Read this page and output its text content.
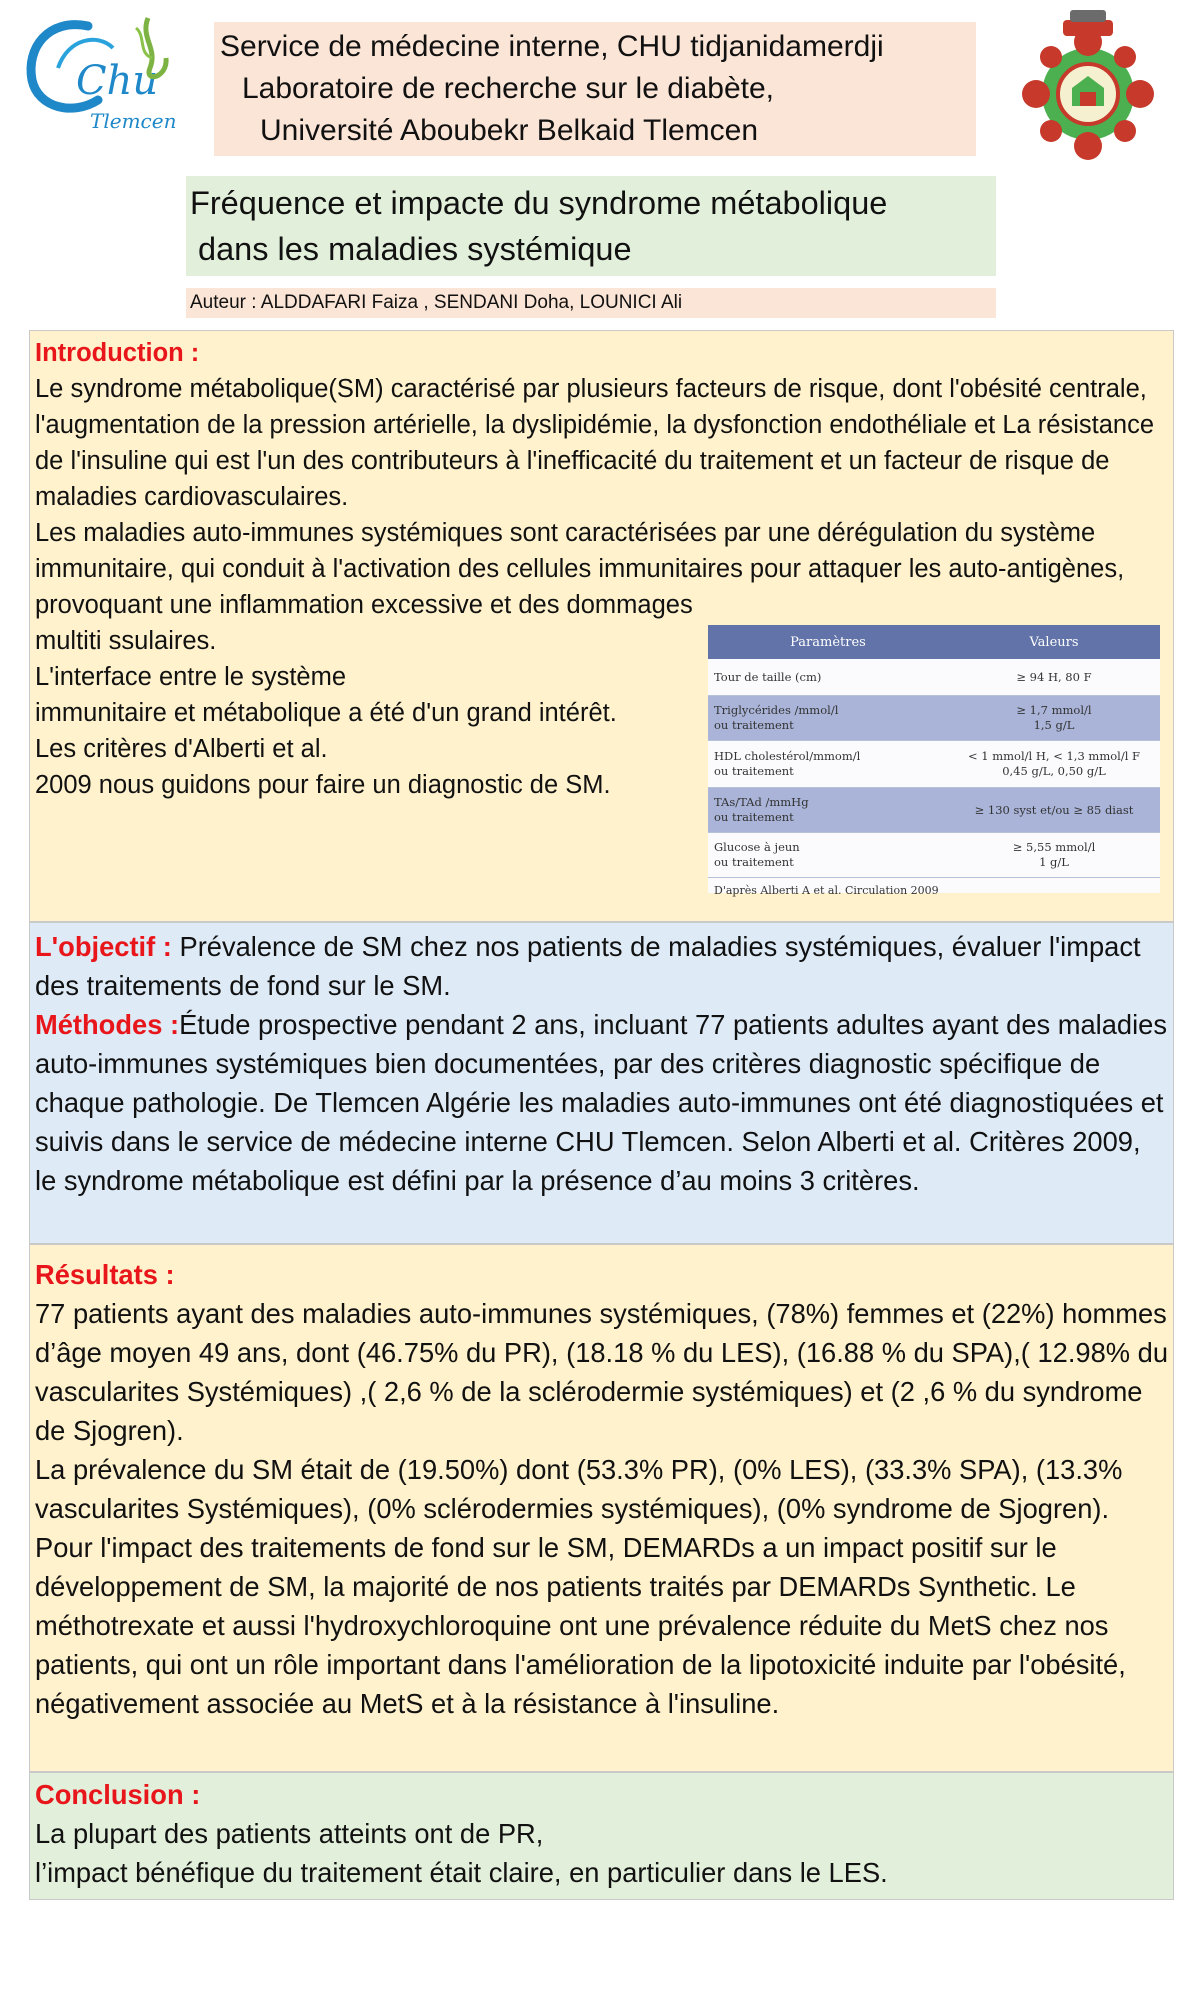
Chu
Tlemcen
Service de médecine interne, CHU tidjanidamerdji
Laboratoire de recherche sur le diabète,
Université Aboubekr Belkaid Tlemcen
Fréquence et impacte du syndrome métabolique
dans les maladies systémique
Auteur : ALDDAFARI Faiza , SENDANI Doha, LOUNICI Ali
Introduction :
Le syndrome métabolique(SM) caractérisé par plusieurs facteurs de risque, dont l'obésité centrale, l'augmentation de la pression artérielle, la dyslipidémie, la dysfonction endothéliale et La résistance de l'insuline qui est l'un des contributeurs à l'inefficacité du traitement et un facteur de risque de maladies cardiovasculaires.
Les maladies auto-immunes systémiques sont caractérisées par une dérégulation du système immunitaire, qui conduit à l'activation des cellules immunitaires pour attaquer les auto-antigènes, provoquant une inflammation excessive et des dommages
multiti ssulaires.
L'interface entre le système
immunitaire et métabolique a été d'un grand intérêt.
Les critères d'Alberti et al.
2009 nous guidons pour faire un diagnostic de SM.
Paramètres	Valeurs
Tour de taille (cm)	≥ 94 H, 80 F
Triglycérides /mmol/l
ou traitement
≥ 1,7 mmol/l
1,5 g/L
HDL cholestérol/mmom/l
ou traitement
< 1 mmol/l H, < 1,3 mmol/l F
0,45 g/L, 0,50 g/L
TAs/TAd /mmHg
ou traitement
≥ 130 syst et/ou ≥ 85 diast
Glucose à jeun
ou traitement
≥ 5,55 mmol/l
1 g/L
D'après Alberti A et al. Circulation 2009
L'objectif : Prévalence de SM chez nos patients de maladies systémiques, évaluer l'impact des traitements de fond sur le SM.
Méthodes :Étude prospective pendant 2 ans, incluant 77 patients adultes ayant des maladies auto-immunes systémiques bien documentées, par des critères diagnostic spécifique de chaque pathologie. De Tlemcen Algérie les maladies auto-immunes ont été diagnostiquées et suivis dans le service de médecine interne CHU Tlemcen. Selon Alberti et al. Critères 2009, le syndrome métabolique est défini par la présence d’au moins 3 critères.
Résultats :
77 patients ayant des maladies auto-immunes systémiques, (78%) femmes et (22%) hommes d’âge moyen 49 ans, dont (46.75% du PR), (18.18 % du LES), (16.88 % du SPA),( 12.98% du vascularites Systémiques) ,( 2,6 % de la sclérodermie systémiques) et (2 ,6 % du syndrome de Sjogren).
La prévalence du SM était de (19.50%) dont (53.3% PR), (0% LES), (33.3% SPA), (13.3% vascularites Systémiques), (0% sclérodermies systémiques), (0% syndrome de Sjogren).
Pour l'impact des traitements de fond sur le SM, DEMARDs a un impact positif sur le développement de SM, la majorité de nos patients traités par DEMARDs Synthetic. Le méthotrexate et aussi l'hydroxychloroquine ont une prévalence réduite du MetS chez nos patients, qui ont un rôle important dans l'amélioration de la lipotoxicité induite par l'obésité, négativement associée au MetS et à la résistance à l'insuline.
Conclusion :
La plupart des patients atteints ont de PR,
l’impact bénéfique du traitement était claire, en particulier dans le LES.
